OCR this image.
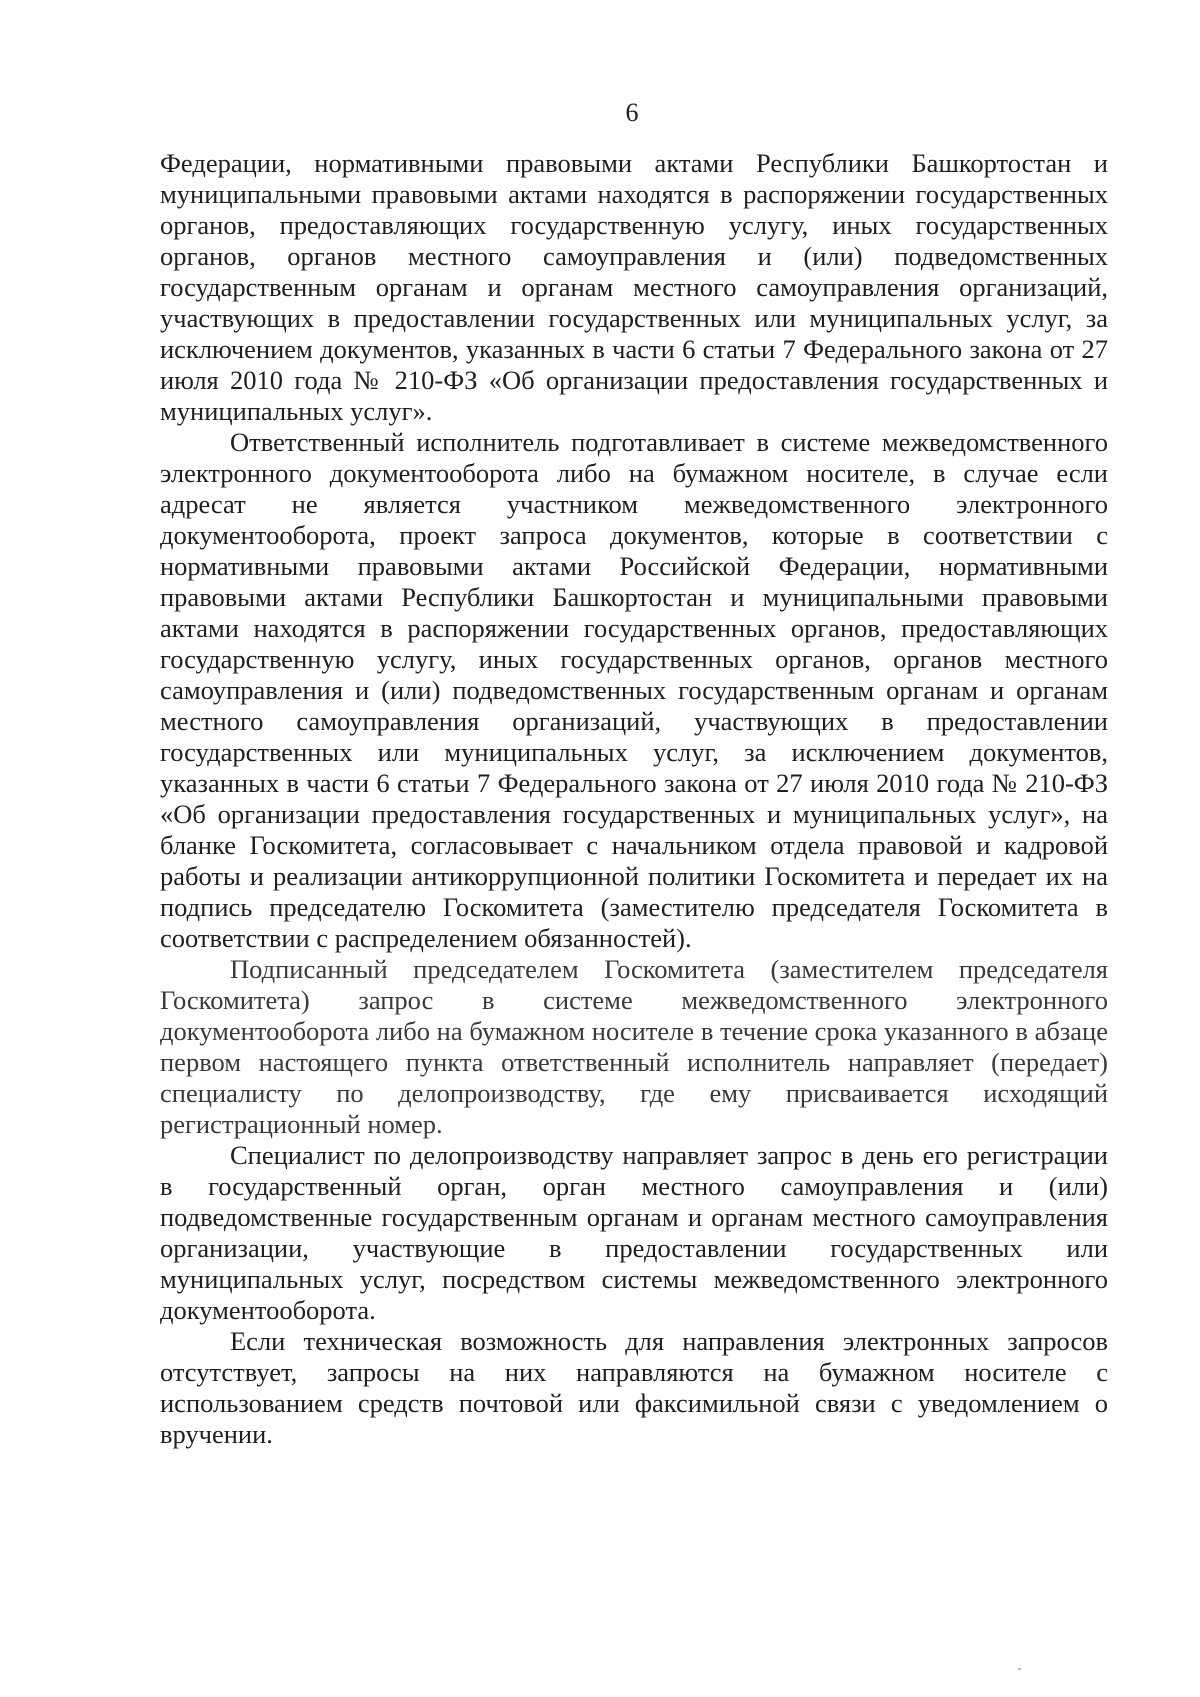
6

Федерации, нормативными правовыми актами Республики Башкортостан и муниципальными правовыми актами находятся в распоряжении государственных органов, предоставляющих государственную услугу, иных государственных органов, органов местного самоуправления и (или) подведомственных государственным органам и органам местного самоуправления организаций, участвующих в предоставлении государственных или муниципальных услуг, за исключением документов, указанных в части 6 статьи 7 Федерального закона от 27 июля 2010 года № 210-ФЗ «Об организации предоставления государственных и муниципальных услуг».

Ответственный исполнитель подготавливает в системе межведомственного электронного документооборота либо на бумажном носителе, в случае если адресат не является участником межведомственного электронного документооборота, проект запроса документов, которые в соответствии с нормативными правовыми актами Российской Федерации, нормативными правовыми актами Республики Башкортостан и муниципальными правовыми актами находятся в распоряжении государственных органов, предоставляющих государственную услугу, иных государственных органов, органов местного самоуправления и (или) подведомственных государственным органам и органам местного самоуправления организаций, участвующих в предоставлении государственных или муниципальных услуг, за исключением документов, указанных в части 6 статьи 7 Федерального закона от 27 июля 2010 года № 210-ФЗ «Об организации предоставления государственных и муниципальных услуг», на бланке Госкомитета, согласовывает с начальником отдела правовой и кадровой работы и реализации антикоррупционной политики Госкомитета и передает их на подпись председателю Госкомитета (заместителю председателя Госкомитета в соответствии с распределением обязанностей).

Подписанный председателем Госкомитета (заместителем председателя Госкомитета) запрос в системе межведомственного электронного документооборота либо на бумажном носителе в течение срока указанного в абзаце первом настоящего пункта ответственный исполнитель направляет (передает) специалисту по делопроизводству, где ему присваивается исходящий регистрационный номер.

Специалист по делопроизводству направляет запрос в день его регистрации в государственный орган, орган местного самоуправления и (или) подведомственные государственным органам и органам местного самоуправления организации, участвующие в предоставлении государственных или муниципальных услуг, посредством системы межведомственного электронного документооборота.

Если техническая возможность для направления электронных запросов отсутствует, запросы на них направляются на бумажном носителе с использованием средств почтовой или факсимильной связи с уведомлением о вручении.
